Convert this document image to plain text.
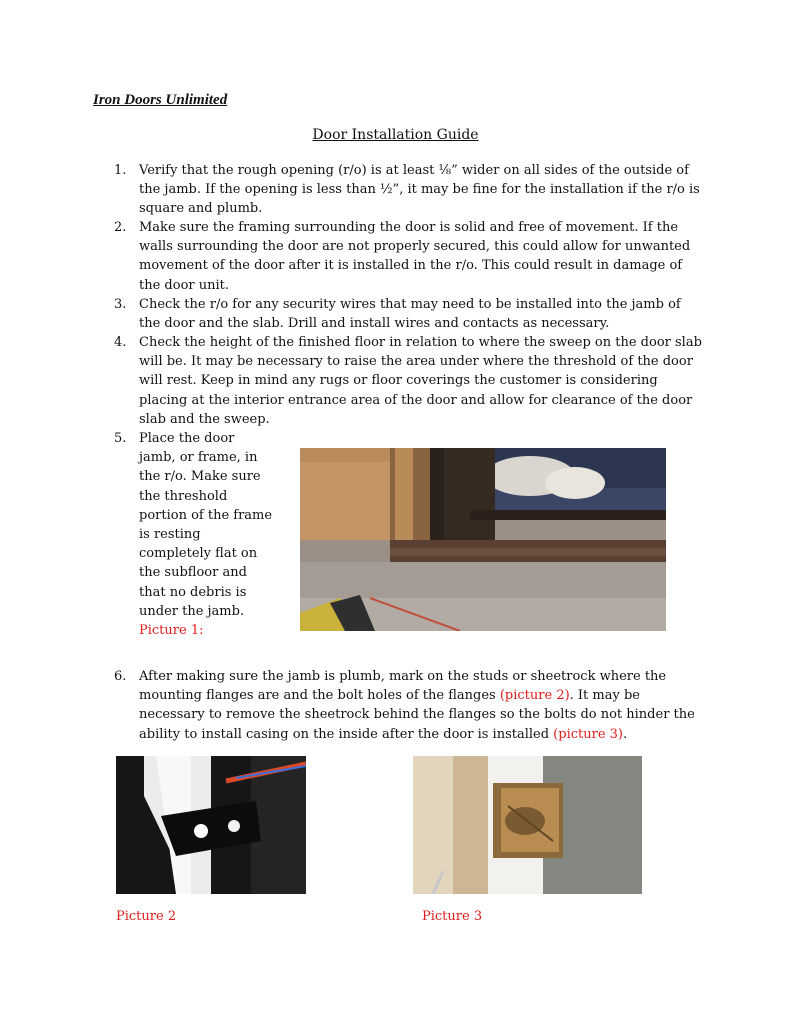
Iron Doors Unlimited
Door Installation Guide
1. Verify that the rough opening (r/o) is at least ⅛” wider on all sides of the outside of the jamb. If the opening is less than ½”, it may be fine for the installation if the r/o is square and plumb.
2. Make sure the framing surrounding the door is solid and free of movement. If the walls surrounding the door are not properly secured, this could allow for unwanted movement of the door after it is installed in the r/o. This could result in damage of the door unit.
3. Check the r/o for any security wires that may need to be installed into the jamb of the door and the slab. Drill and install wires and contacts as necessary.
4. Check the height of the finished floor in relation to where the sweep on the door slab will be. It may be necessary to raise the area under where the threshold of the door will rest. Keep in mind any rugs or floor coverings the customer is considering placing at the interior entrance area of the door and allow for clearance of the door slab and the sweep.
5. Place the door jamb, or frame, in the r/o. Make sure the threshold portion of the frame is resting completely flat on the subfloor and that no debris is under the jamb.
Picture 1:
6. After making sure the jamb is plumb, mark on the studs or sheetrock where the mounting flanges are and the bolt holes of the flanges (picture 2). It may be necessary to remove the sheetrock behind the flanges so the bolts do not hinder the ability to install casing on the inside after the door is installed (picture 3).
Picture 2	Picture 3
